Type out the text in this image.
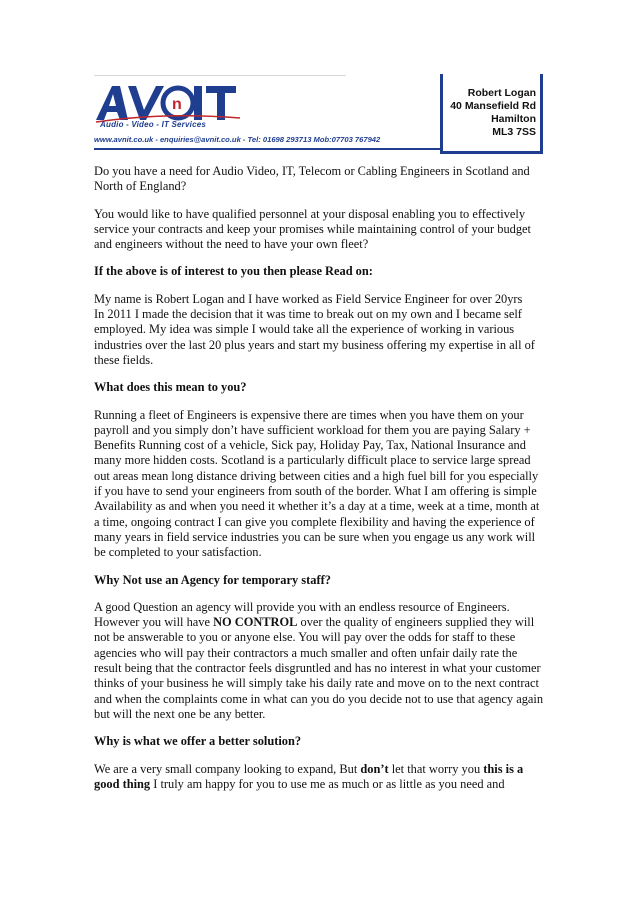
n
Audio - Video - IT Services
www.avnit.co.uk - enquiries@avnit.co.uk - Tel: 01698 293713 Mob:07703 767942
Robert Logan
40 Mansefield Rd
Hamilton
ML3 7SS

Do you have a need for Audio Video, IT, Telecom or Cabling Engineers in Scotland and North of England?

You would like to have qualified personnel at your disposal enabling you to effectively service your contracts and keep your promises while maintaining control of your budget
and engineers without the need to have your own fleet?

If the above is of interest to you then please Read on:

My name is Robert Logan and I have worked as Field Service Engineer for over 20yrs
In 2011 I made the decision that it was time to break out on my own and I became self employed. My idea was simple I would take all the experience of working in various industries over the last 20 plus years and start my business offering my expertise in all of these fields.

What does this mean to you?

Running a fleet of Engineers is expensive there are times when you have them on your payroll and you simply don’t have sufficient workload for them you are paying Salary + Benefits Running cost of a vehicle, Sick pay, Holiday Pay, Tax, National Insurance and many more hidden costs. Scotland is a particularly difficult place to service large spread out areas mean long distance driving between cities and a high fuel bill for you especially if you have to send your engineers from south of the border. What I am offering is simple Availability as and when you need it whether it’s a day at a time, week at a time, month at a time, ongoing contract I can give you complete flexibility and having the experience of many years in field service industries you can be sure when you engage us any work will be completed to your satisfaction.

Why Not use an Agency for temporary staff?

A good Question an agency will provide you with an endless resource of Engineers. However you will have NO CONTROL over the quality of engineers supplied they will not be answerable to you or anyone else. You will pay over the odds for staff to these agencies who will pay their contractors a much smaller and often unfair daily rate the result being that the contractor feels disgruntled and has no interest in what your customer thinks of your business he will simply take his daily rate and move on to the next contract and when the complaints come in what can you do you decide not to use that agency again but will the next one be any better.

Why is what we offer a better solution?

We are a very small company looking to expand, But don’t let that worry you this is a good thing I truly am happy for you to use me as much or as little as you need and
